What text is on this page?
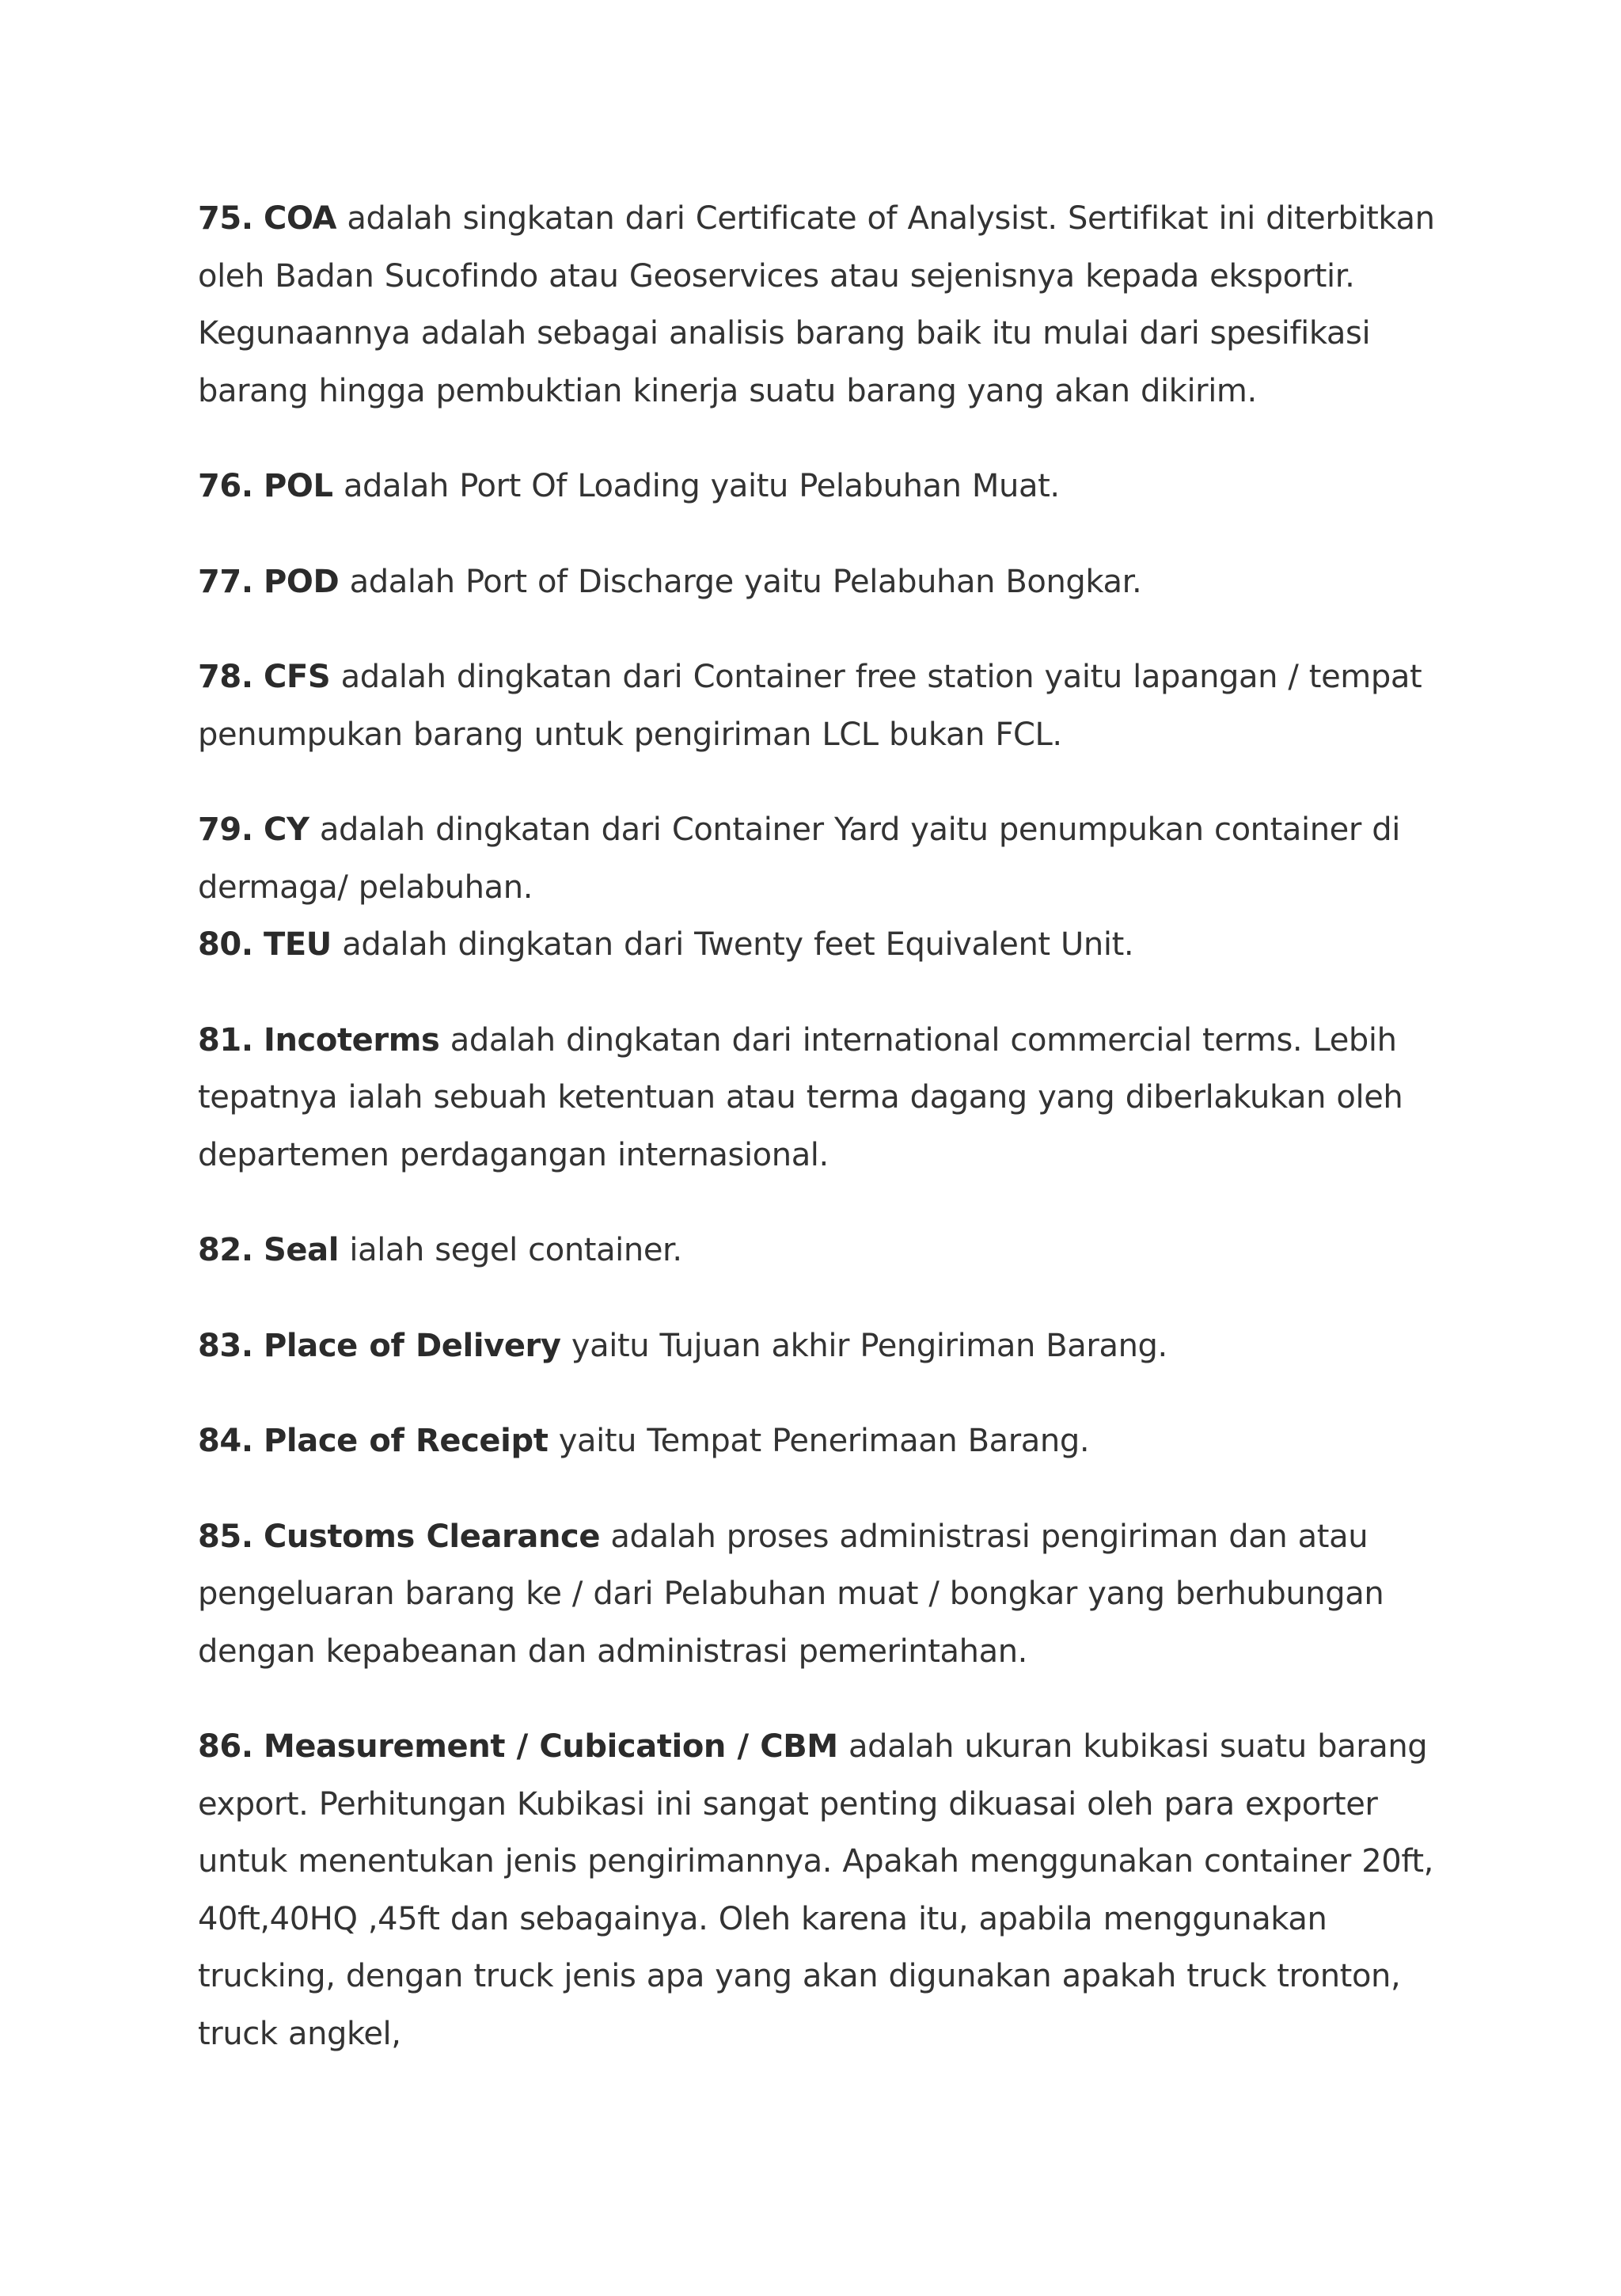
75. COA adalah singkatan dari Certificate of Analysist. Sertifikat ini diterbitkan oleh Badan Sucofindo atau Geoservices atau sejenisnya kepada eksportir. Kegunaannya adalah sebagai analisis barang baik itu mulai dari spesifikasi barang hingga pembuktian kinerja suatu barang yang akan dikirim.

76. POL adalah Port Of Loading yaitu Pelabuhan Muat.

77. POD adalah Port of Discharge yaitu Pelabuhan Bongkar.

78. CFS adalah dingkatan dari Container free station yaitu lapangan / tempat penumpukan barang untuk pengiriman LCL bukan FCL.

79. CY adalah dingkatan dari Container Yard yaitu penumpukan container di dermaga/ pelabuhan.

80. TEU adalah dingkatan dari Twenty feet Equivalent Unit.

81. Incoterms adalah dingkatan dari international commercial terms. Lebih tepatnya ialah sebuah ketentuan atau terma dagang yang diberlakukan oleh departemen perdagangan internasional.

82. Seal ialah segel container.

83. Place of Delivery yaitu Tujuan akhir Pengiriman Barang.

84. Place of Receipt yaitu Tempat Penerimaan Barang.

85. Customs Clearance adalah proses administrasi pengiriman dan atau pengeluaran barang ke / dari Pelabuhan muat / bongkar yang berhubungan dengan kepabeanan dan administrasi pemerintahan.

86. Measurement / Cubication / CBM adalah ukuran kubikasi suatu barang export. Perhitungan Kubikasi ini sangat penting dikuasai oleh para exporter untuk menentukan jenis pengirimannya. Apakah menggunakan container 20ft, 40ft,40HQ ,45ft dan sebagainya. Oleh karena itu, apabila menggunakan trucking, dengan truck jenis apa yang akan digunakan apakah truck tronton, truck angkel,
